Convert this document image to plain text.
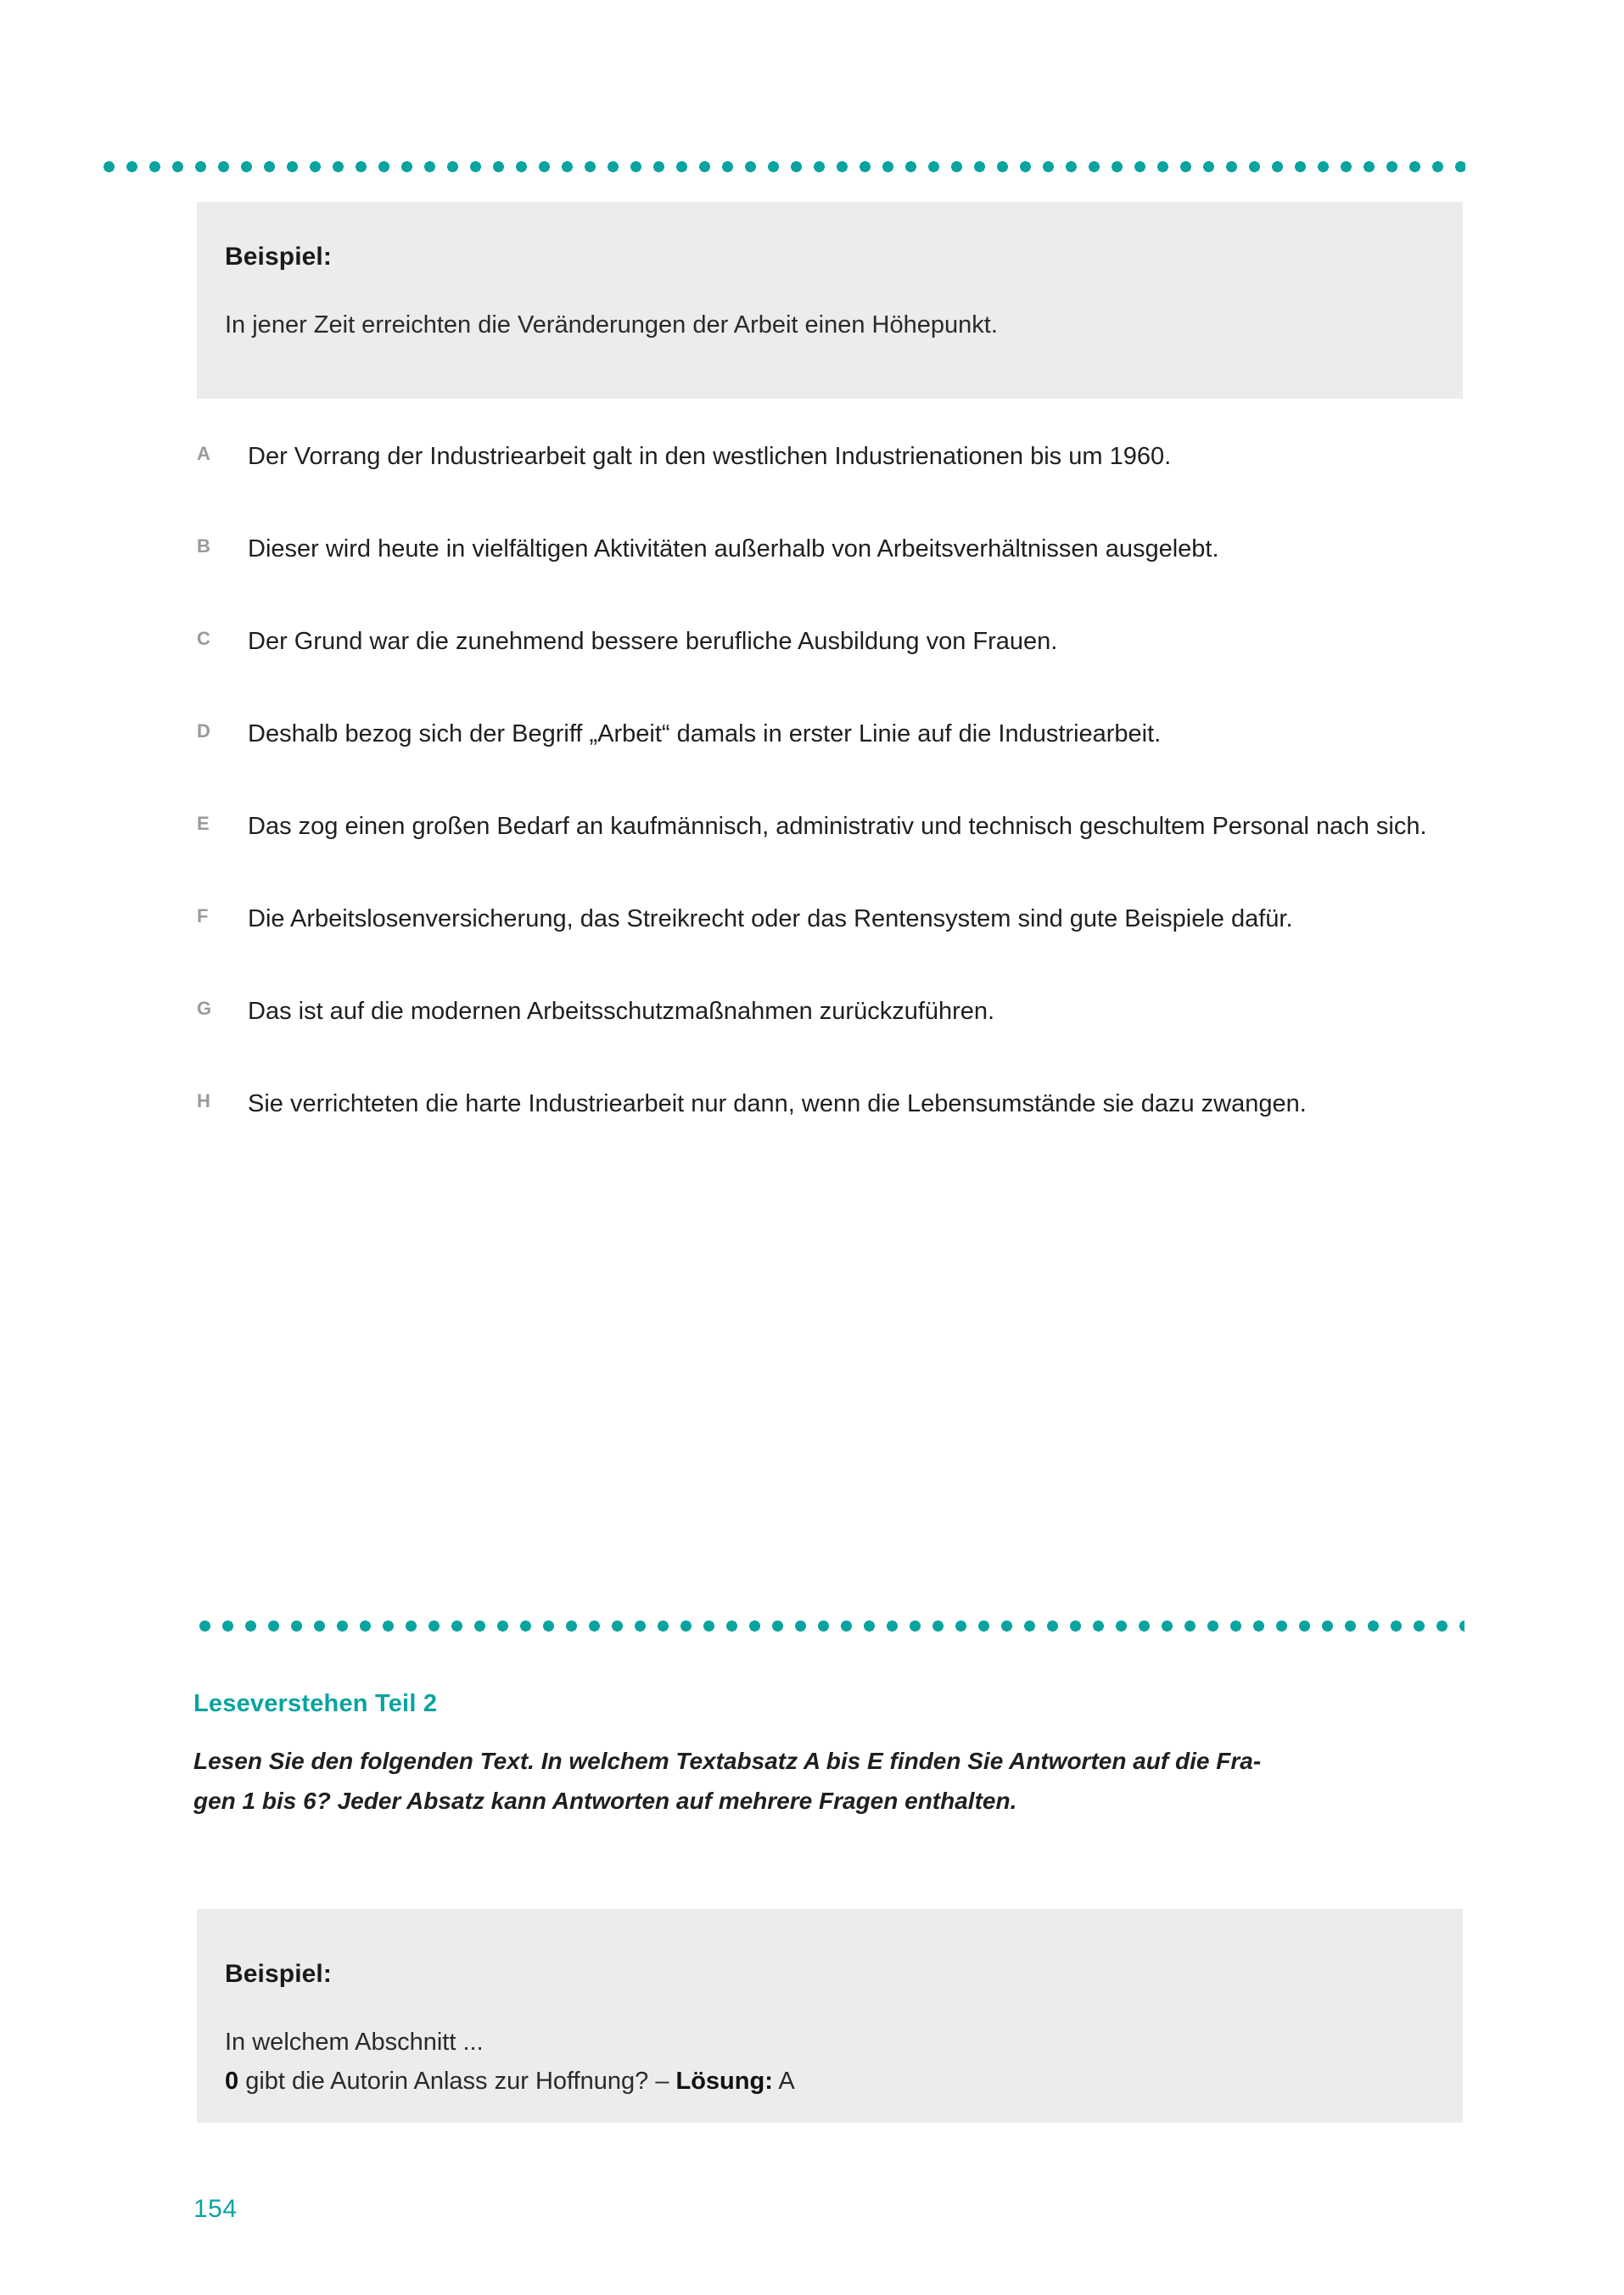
Beispiel:
In jener Zeit erreichten die Veränderungen der Arbeit einen Höhepunkt.
A	Der Vorrang der Industriearbeit galt in den westlichen Industrienationen bis um 1960.
B	Dieser wird heute in vielfältigen Aktivitäten außerhalb von Arbeitsverhältnissen ausgelebt.
C	Der Grund war die zunehmend bessere berufliche Ausbildung von Frauen.
D	Deshalb bezog sich der Begriff „Arbeit“ damals in erster Linie auf die Industriearbeit.
E	Das zog einen großen Bedarf an kaufmännisch, administrativ und technisch geschultem Personal nach sich.
F	Die Arbeitslosenversicherung, das Streikrecht oder das Rentensystem sind gute Beispiele dafür.
G	Das ist auf die modernen Arbeitsschutzmaßnahmen zurückzuführen.
H	Sie verrichteten die harte Industriearbeit nur dann, wenn die Lebensumstände sie dazu zwangen.
Leseverstehen Teil 2
Lesen Sie den folgenden Text. In welchem Textabsatz A bis E finden Sie Antworten auf die Fra-
gen 1 bis 6? Jeder Absatz kann Antworten auf mehrere Fragen enthalten.
Beispiel:
In welchem Abschnitt ...
0 gibt die Autorin Anlass zur Hoffnung? – Lösung: A
154
